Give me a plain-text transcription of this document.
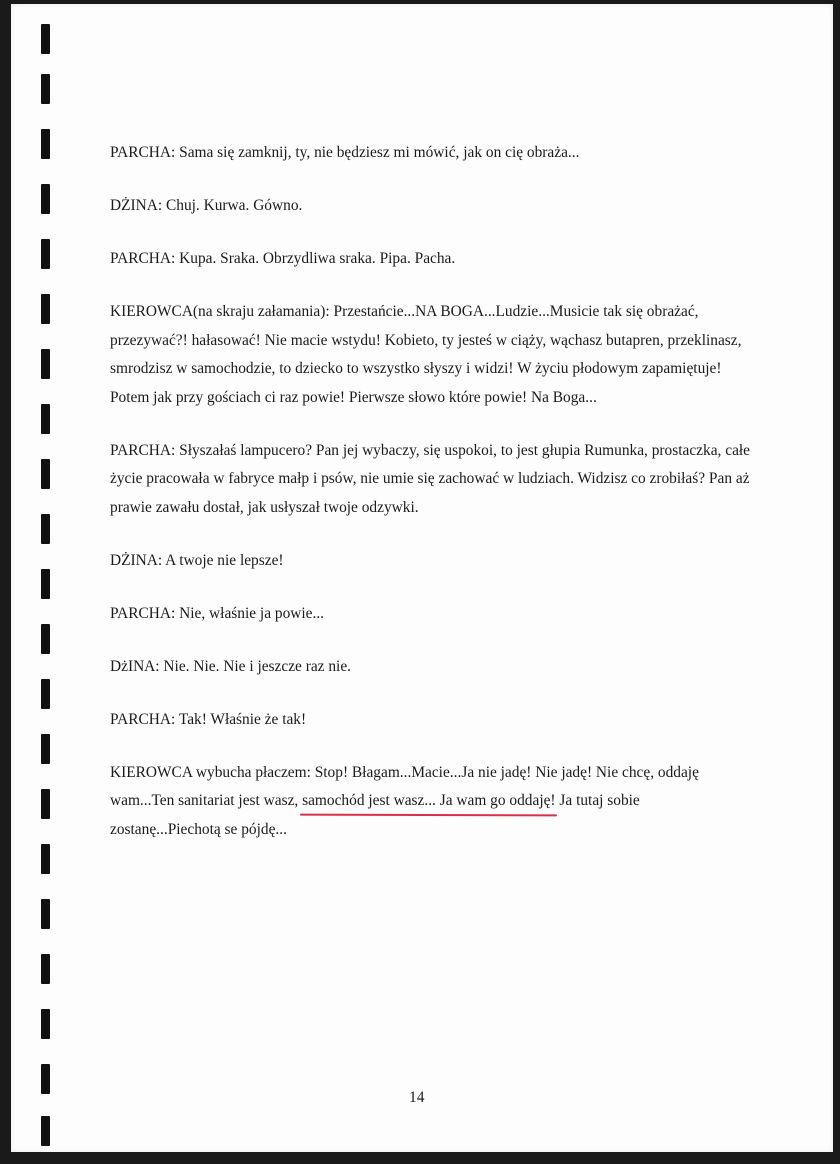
PARCHA: Sama się zamknij, ty, nie będziesz mi mówić, jak on cię obraża...

DŻINA: Chuj. Kurwa. Gówno.

PARCHA: Kupa. Sraka. Obrzydliwa sraka. Pipa. Pacha.

KIEROWCA(na skraju załamania): Przestańcie...NA BOGA...Ludzie...Musicie tak się obrażać, przezywać?! hałasować! Nie macie wstydu! Kobieto, ty jesteś w ciąży, wąchasz butapren, przeklinasz, smrodzisz w samochodzie, to dziecko to wszystko słyszy i widzi! W życiu płodowym zapamiętuje! Potem jak przy gościach ci raz powie! Pierwsze słowo które powie! Na Boga...

PARCHA: Słyszałaś lampucero? Pan jej wybaczy, się uspokoi, to jest głupia Rumunka, prostaczka, całe życie pracowała w fabryce małp i psów, nie umie się zachować w ludziach. Widzisz co zrobiłaś? Pan aż prawie zawału dostał, jak usłyszał twoje odzywki.

DŻINA: A twoje nie lepsze!

PARCHA: Nie, właśnie ja powie...

DżINA: Nie. Nie. Nie i jeszcze raz nie.

PARCHA: Tak! Właśnie że tak!

KIEROWCA wybucha płaczem: Stop! Błagam...Macie...Ja nie jadę! Nie jadę! Nie chcę, oddaję wam...Ten sanitariat jest wasz, samochód jest wasz... Ja wam go oddaję! Ja tutaj sobie zostanę...Piechotą se pójdę...

14
